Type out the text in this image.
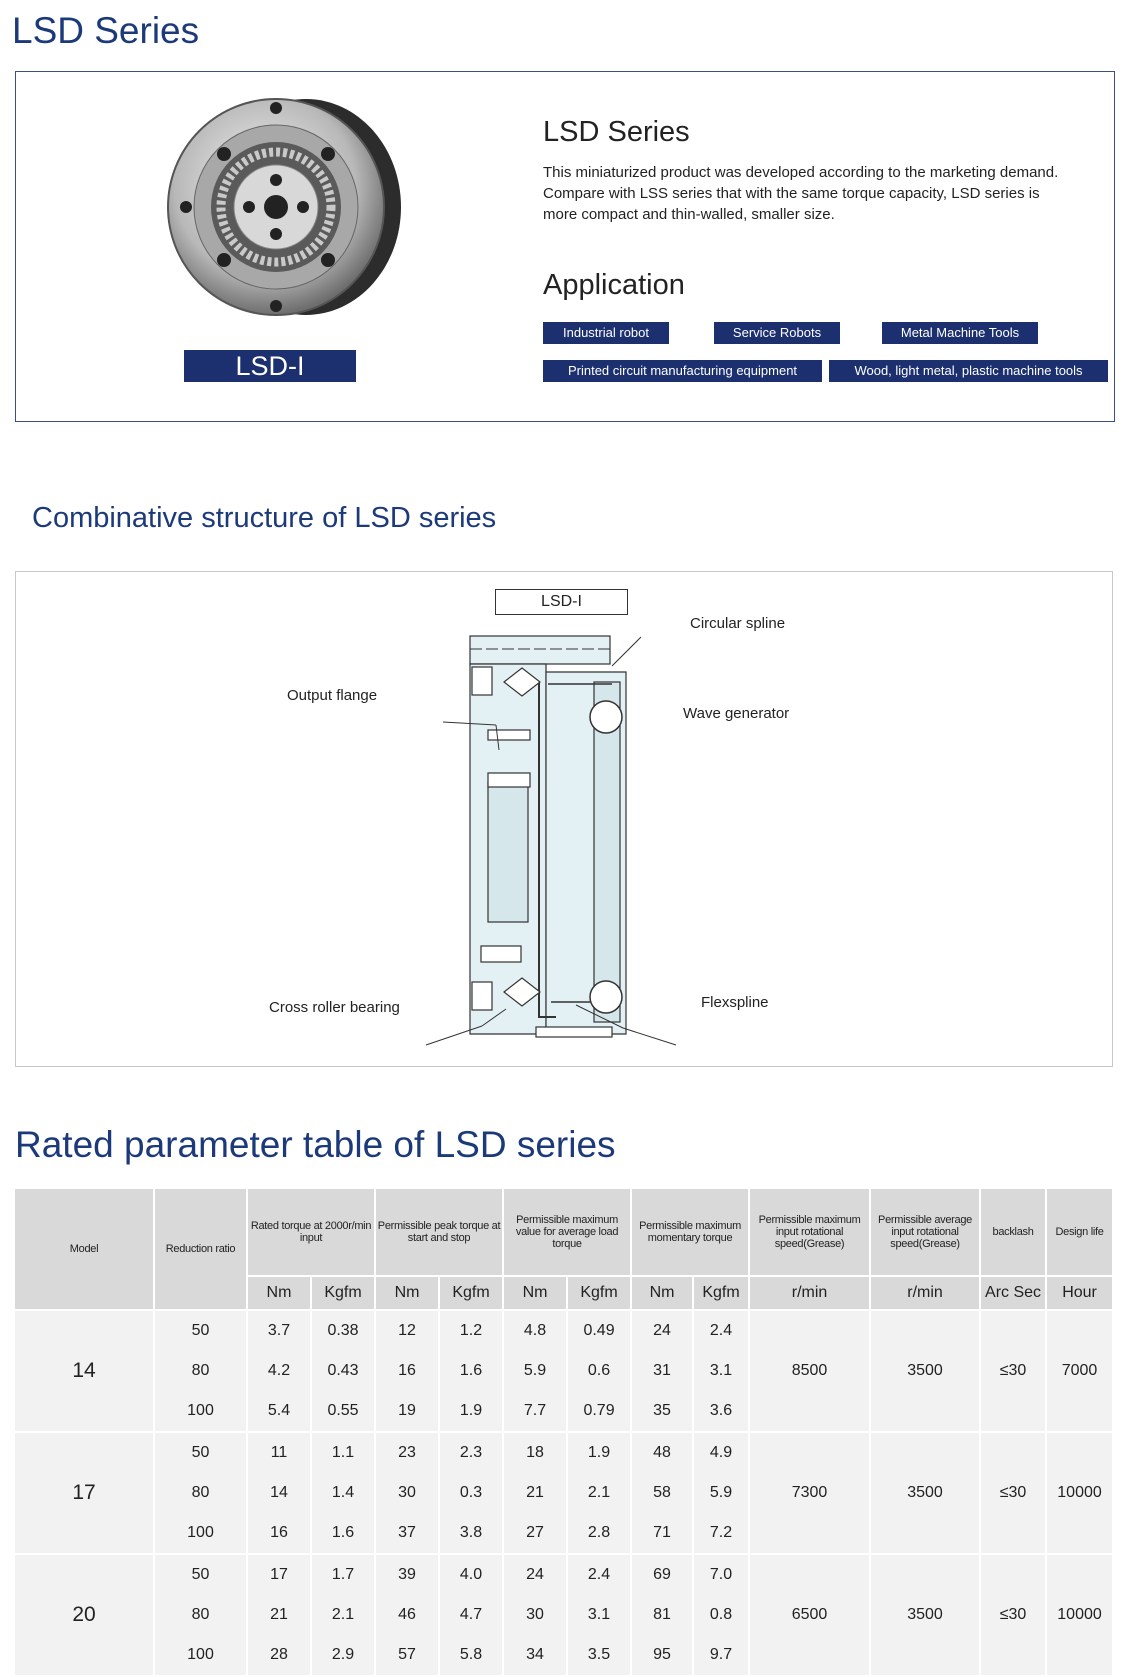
LSD Series
LSD-I
LSD Series
This miniaturized product was developed according to the marketing demand. Compare with LSS series that with the same torque capacity, LSD series is more compact and thin-walled, smaller size.
Application
Industrial robot	Service Robots	Metal Machine Tools
Printed circuit manufacturing equipment	Wood, light metal, plastic machine tools
Combinative structure of LSD series
LSD-I
Circular spline
Output flange
Wave generator
Cross roller bearing	Flexspline
Rated parameter table of LSD series
Model	Reduction ratio	Rated torque at 2000r/min input		Permissible peak torque at start and stop		Permissible maximum value for average load torque		Permissible maximum momentary torque		Permissible maximum input rotational speed(Grease)	Permissible average input rotational speed(Grease)	backlash	Design life
		Nm	Kgfm	Nm	Kgfm	Nm	Kgfm	Nm	Kgfm	r/min	r/min	Arc Sec	Hour
14	50	3.7	0.38	12	1.2	4.8	0.49	24	2.4	8500	3500	≤30	7000
	80	4.2	0.43	16	1.6	5.9	0.6	31	3.1				
	100	5.4	0.55	19	1.9	7.7	0.79	35	3.6				
17	50	11	1.1	23	2.3	18	1.9	48	4.9	7300	3500	≤30	10000
	80	14	1.4	30	0.3	21	2.1	58	5.9				
	100	16	1.6	37	3.8	27	2.8	71	7.2				
20	50	17	1.7	39	4.0	24	2.4	69	7.0	6500	3500	≤30	10000
	80	21	2.1	46	4.7	30	3.1	81	0.8				
	100	28	2.9	57	5.8	34	3.5	95	9.7				
